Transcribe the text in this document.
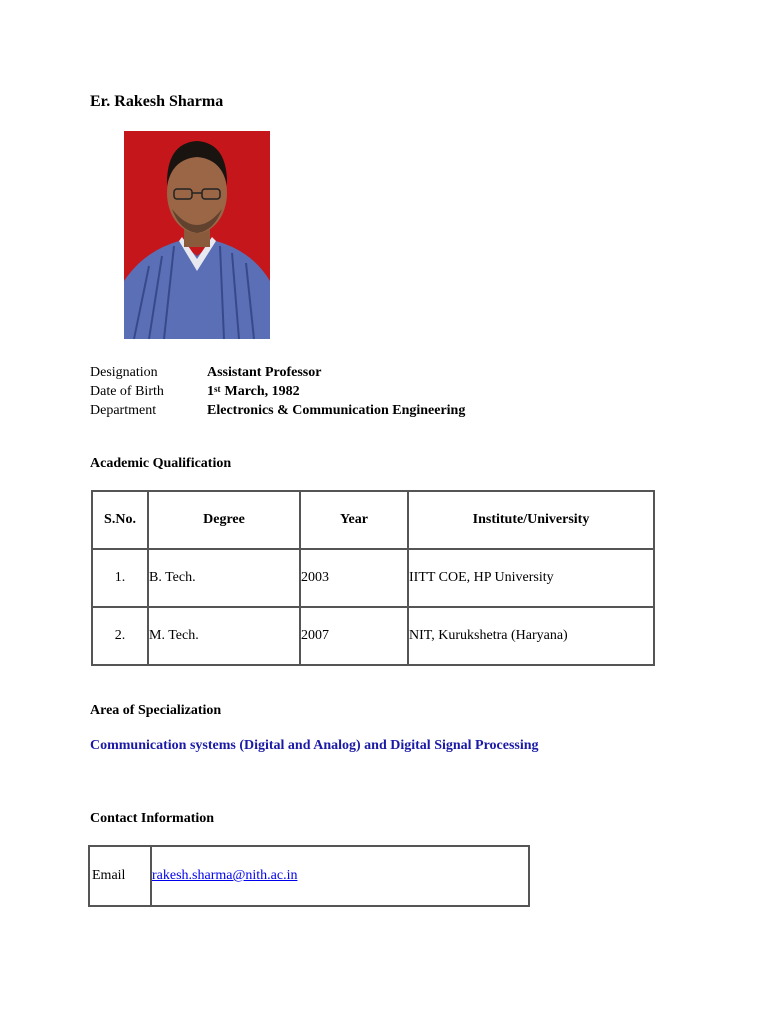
Er. Rakesh Sharma
Designation	Assistant Professor
Date of Birth	1st March, 1982
Department	Electronics & Communication Engineering
Academic Qualification
S.No.	Degree	Year	Institute/University
1.	B. Tech.	2003	IITT COE, HP University
2.	M. Tech.	2007	NIT, Kurukshetra (Haryana)
Area of Specialization
Communication systems (Digital and Analog) and Digital Signal Processing
Contact Information
Email	rakesh.sharma@nith.ac.in
